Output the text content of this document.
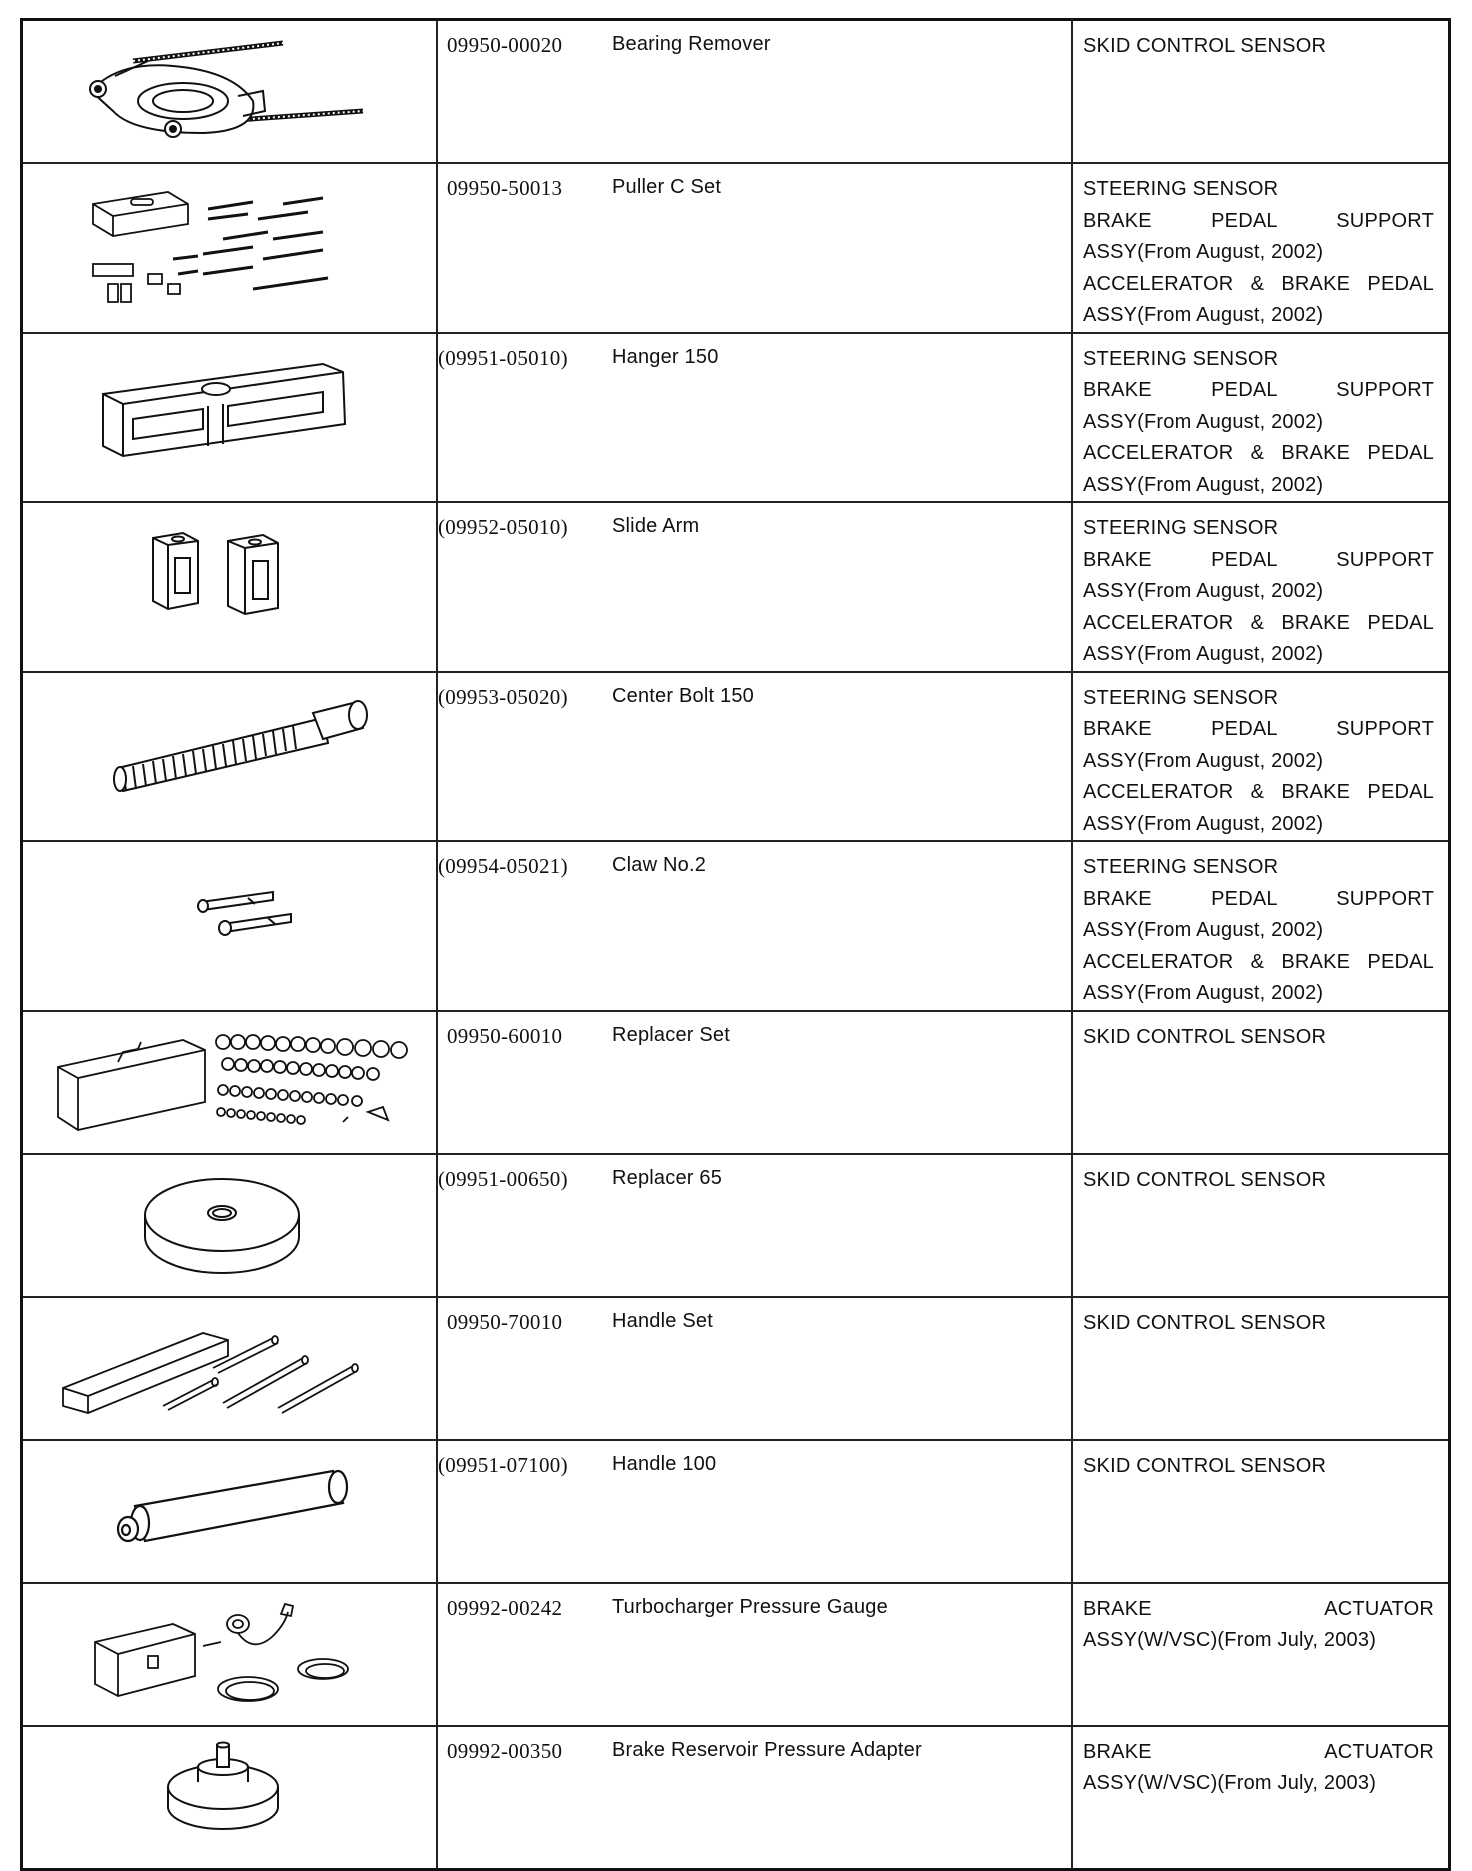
	09950-00020	Bearing Remover	SKID CONTROL SENSOR

	09950-50013	Puller C Set	STEERING SENSOR
BRAKE PEDAL SUPPORT
ASSY(From August, 2002)
ACCELERATOR & BRAKE PEDAL
ASSY(From August, 2002)

	(09951-05010)	Hanger 150	STEERING SENSOR
BRAKE PEDAL SUPPORT
ASSY(From August, 2002)
ACCELERATOR & BRAKE PEDAL
ASSY(From August, 2002)

	(09952-05010)	Slide Arm	STEERING SENSOR
BRAKE PEDAL SUPPORT
ASSY(From August, 2002)
ACCELERATOR & BRAKE PEDAL
ASSY(From August, 2002)

	(09953-05020)	Center Bolt 150	STEERING SENSOR
BRAKE PEDAL SUPPORT
ASSY(From August, 2002)
ACCELERATOR & BRAKE PEDAL
ASSY(From August, 2002)

	(09954-05021)	Claw No.2	STEERING SENSOR
BRAKE PEDAL SUPPORT
ASSY(From August, 2002)
ACCELERATOR & BRAKE PEDAL
ASSY(From August, 2002)

	09950-60010	Replacer Set	SKID CONTROL SENSOR

	(09951-00650)	Replacer 65	SKID CONTROL SENSOR

	09950-70010	Handle Set	SKID CONTROL SENSOR

	(09951-07100)	Handle 100	SKID CONTROL SENSOR

	09992-00242	Turbocharger Pressure Gauge	BRAKE ACTUATOR
ASSY(W/VSC)(From July, 2003)

	09992-00350	Brake Reservoir Pressure Adapter	BRAKE ACTUATOR
ASSY(W/VSC)(From July, 2003)
